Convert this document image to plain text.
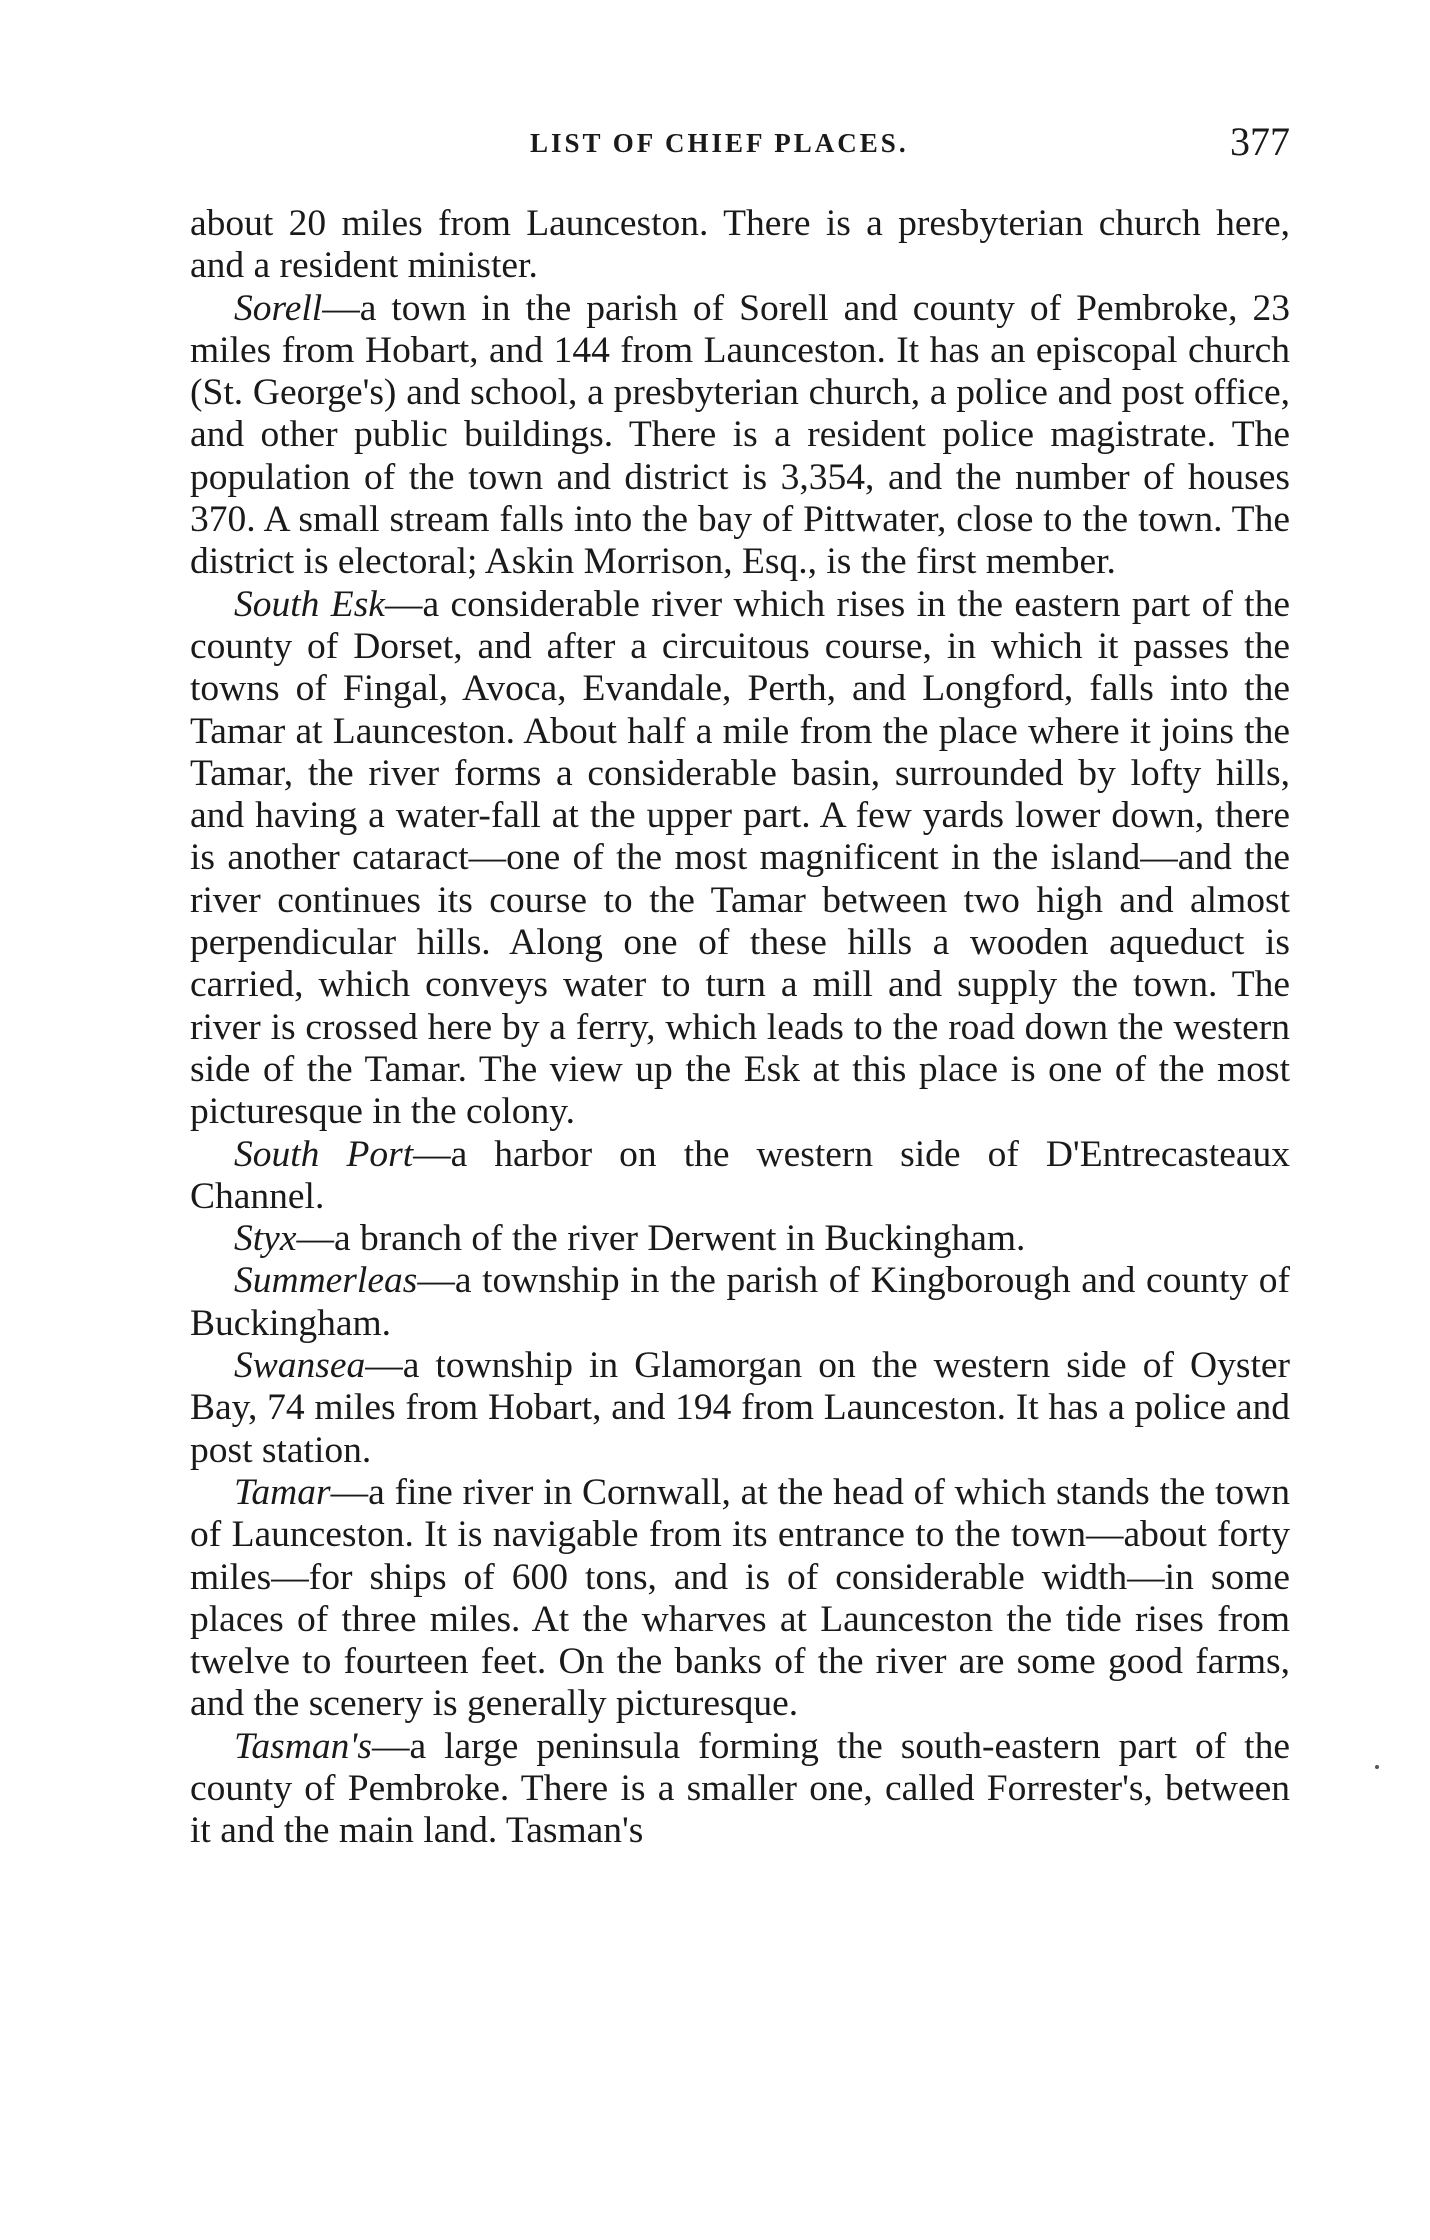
LIST OF CHIEF PLACES.	377

about 20 miles from Launceston. There is a presbyterian church here, and a resident minister.

Sorell—a town in the parish of Sorell and county of Pembroke, 23 miles from Hobart, and 144 from Launceston. It has an episcopal church (St. George's) and school, a presbyterian church, a police and post office, and other public buildings. There is a resident police magistrate. The population of the town and district is 3,354, and the number of houses 370. A small stream falls into the bay of Pittwater, close to the town. The district is electoral; Askin Morrison, Esq., is the first member.

South Esk—a considerable river which rises in the eastern part of the county of Dorset, and after a circuitous course, in which it passes the towns of Fingal, Avoca, Evandale, Perth, and Longford, falls into the Tamar at Launceston. About half a mile from the place where it joins the Tamar, the river forms a considerable basin, surrounded by lofty hills, and having a water-fall at the upper part. A few yards lower down, there is another cataract—one of the most magnificent in the island—and the river continues its course to the Tamar between two high and almost perpendicular hills. Along one of these hills a wooden aqueduct is carried, which conveys water to turn a mill and supply the town. The river is crossed here by a ferry, which leads to the road down the western side of the Tamar. The view up the Esk at this place is one of the most picturesque in the colony.

South Port—a harbor on the western side of D'Entrecasteaux Channel.

Styx—a branch of the river Derwent in Buckingham.

Summerleas—a township in the parish of Kingborough and county of Buckingham.

Swansea—a township in Glamorgan on the western side of Oyster Bay, 74 miles from Hobart, and 194 from Launceston. It has a police and post station.

Tamar—a fine river in Cornwall, at the head of which stands the town of Launceston. It is navigable from its entrance to the town—about forty miles—for ships of 600 tons, and is of considerable width—in some places of three miles. At the wharves at Launceston the tide rises from twelve to fourteen feet. On the banks of the river are some good farms, and the scenery is generally picturesque.

Tasman's—a large peninsula forming the south-eastern part of the county of Pembroke. There is a smaller one, called Forrester's, between it and the main land. Tasman's
